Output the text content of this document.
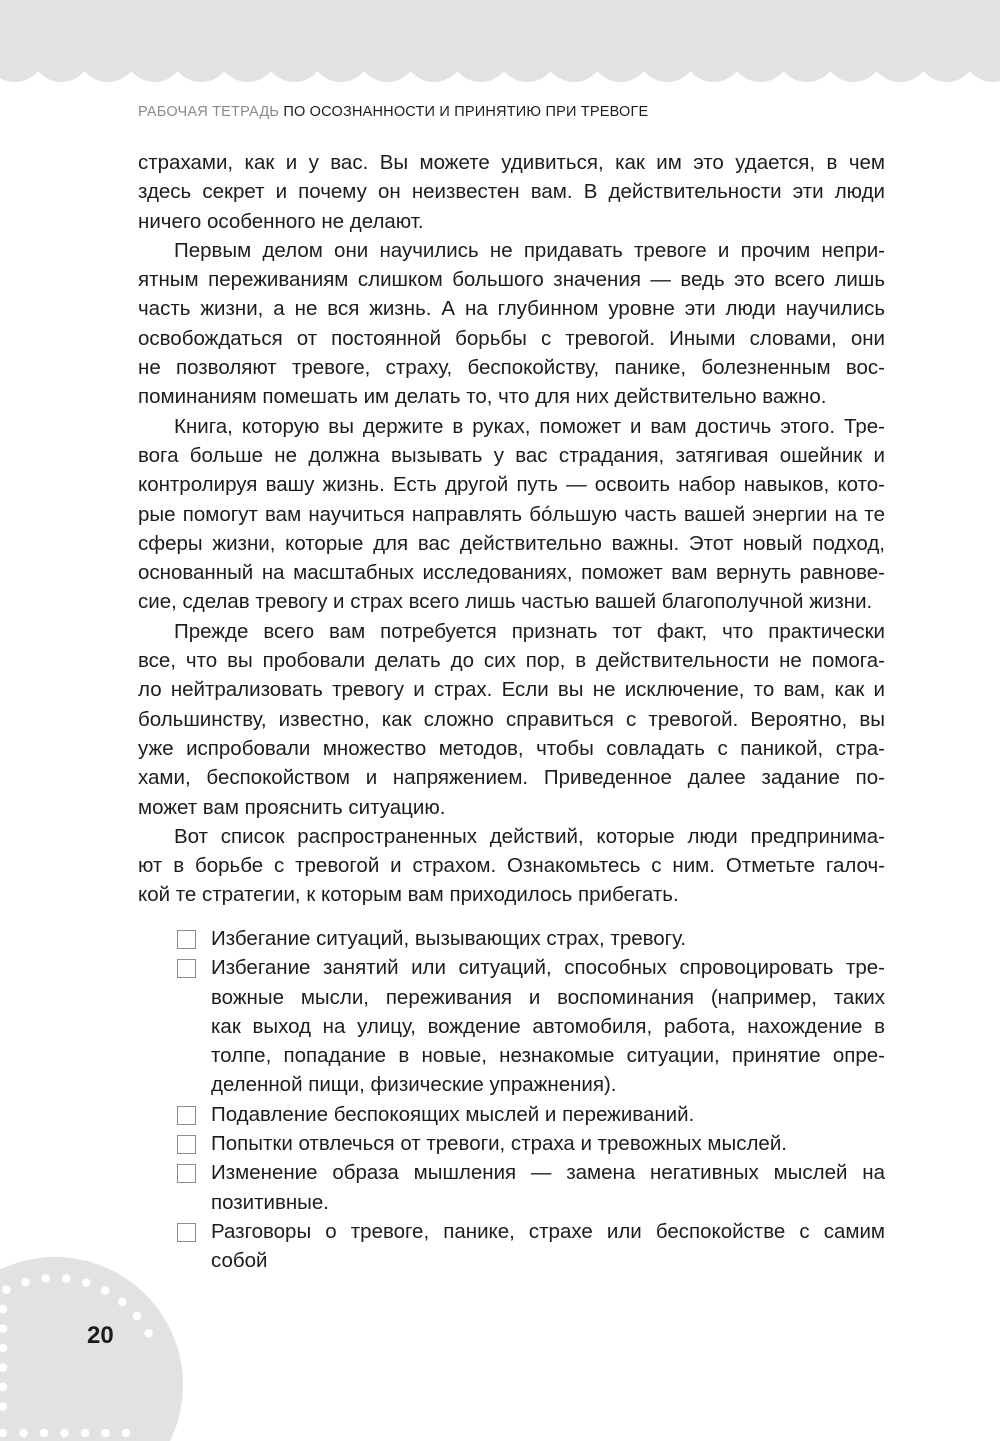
РАБОЧАЯ ТЕТРАДЬ ПО ОСОЗНАННОСТИ И ПРИНЯТИЮ ПРИ ТРЕВОГЕ
страхами, как и у вас. Вы можете удивиться, как им это удается, в чем
здесь секрет и почему он неизвестен вам. В действительности эти люди
ничего особенного не делают.
Первым делом они научились не придавать тревоге и прочим непри-
ятным переживаниям слишком большого значения — ведь это всего лишь
часть жизни, а не вся жизнь. А на глубинном уровне эти люди научились
освобождаться от постоянной борьбы с тревогой. Иными словами, они
не позволяют тревоге, страху, беспокойству, панике, болезненным вос-
поминаниям помешать им делать то, что для них действительно важно.
Книга, которую вы держите в руках, поможет и вам достичь этого. Тре-
вога больше не должна вызывать у вас страдания, затягивая ошейник и
контролируя вашу жизнь. Есть другой путь — освоить набор навыков, кото-
рые помогут вам научиться направлять бóльшую часть вашей энергии на те
сферы жизни, которые для вас действительно важны. Этот новый подход,
основанный на масштабных исследованиях, поможет вам вернуть равнове-
сие, сделав тревогу и страх всего лишь частью вашей благополучной жизни.
Прежде всего вам потребуется признать тот факт, что практически
все, что вы пробовали делать до сих пор, в действительности не помога-
ло нейтрализовать тревогу и страх. Если вы не исключение, то вам, как и
большинству, известно, как сложно справиться с тревогой. Вероятно, вы
уже испробовали множество методов, чтобы совладать с паникой, стра-
хами, беспокойством и напряжением. Приведенное далее задание по-
может вам прояснить ситуацию.
Вот список распространенных действий, которые люди предпринима-
ют в борьбе с тревогой и страхом. Ознакомьтесь с ним. Отметьте галоч-
кой те стратегии, к которым вам приходилось прибегать.
Избегание ситуаций, вызывающих страх, тревогу.
Избегание занятий или ситуаций, способных спровоцировать тре-
вожные мысли, переживания и воспоминания (например, таких
как выход на улицу, вождение автомобиля, работа, нахождение в
толпе, попадание в новые, незнакомые ситуации, принятие опре-
деленной пищи, физические упражнения).
Подавление беспокоящих мыслей и переживаний.
Попытки отвлечься от тревоги, страха и тревожных мыслей.
Изменение образа мышления — замена негативных мыслей на
позитивные.
Разговоры о тревоге, панике, страхе или беспокойстве с самим
собой
20
